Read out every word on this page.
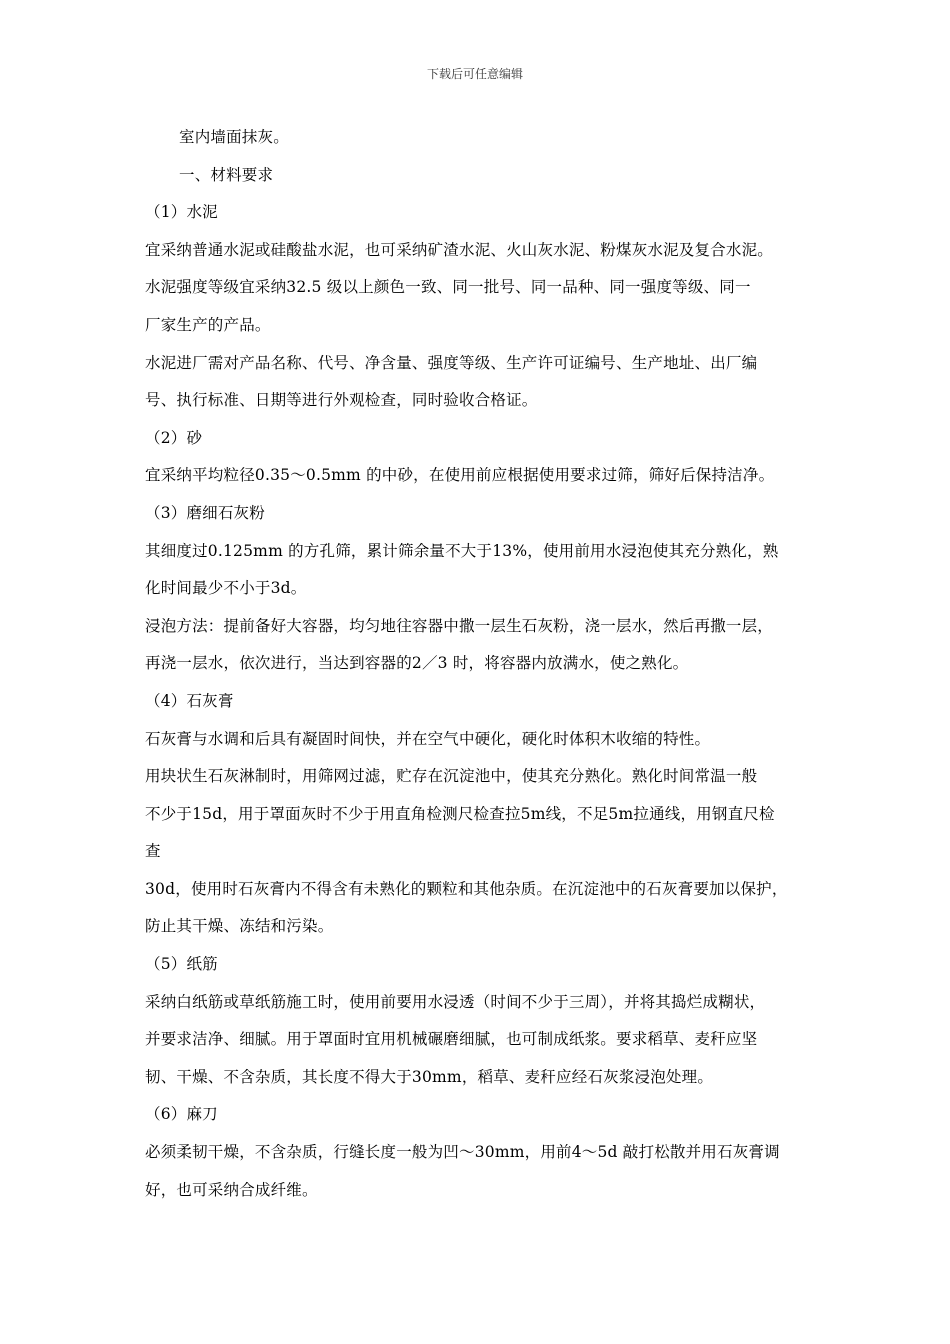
下载后可任意编辑
室内墙面抹灰。
一、材料要求
（1）水泥
宜采纳普通水泥或硅酸盐水泥，也可采纳矿渣水泥、火山灰水泥、粉煤灰水泥及复合水泥。
水泥强度等级宜采纳32.5 级以上颜色一致、同一批号、同一品种、同一强度等级、同一
厂家生产的产品。
水泥进厂需对产品名称、代号、净含量、强度等级、生产许可证编号、生产地址、出厂编
号、执行标准、日期等进行外观检查，同时验收合格证。
（2）砂
宜采纳平均粒径0.35～0.5mm 的中砂，在使用前应根据使用要求过筛，筛好后保持洁净。
（3）磨细石灰粉
其细度过0.125mm 的方孔筛，累计筛余量不大于13%，使用前用水浸泡使其充分熟化，熟
化时间最少不小于3d。
浸泡方法：提前备好大容器，均匀地往容器中撒一层生石灰粉，浇一层水，然后再撒一层，
再浇一层水，依次进行，当达到容器的2／3 时，将容器内放满水，使之熟化。
（4）石灰膏
石灰膏与水调和后具有凝固时间快，并在空气中硬化，硬化时体积木收缩的特性。
用块状生石灰淋制时，用筛网过滤，贮存在沉淀池中，使其充分熟化。熟化时间常温一般
不少于15d，用于罩面灰时不少于用直角检测尺检查拉5m线，不足5m拉通线，用钢直尺检
查
30d，使用时石灰膏内不得含有未熟化的颗粒和其他杂质。在沉淀池中的石灰膏要加以保护，
防止其干燥、冻结和污染。
（5）纸筋
采纳白纸筋或草纸筋施工时，使用前要用水浸透（时间不少于三周），并将其捣烂成糊状，
并要求洁净、细腻。用于罩面时宜用机械碾磨细腻，也可制成纸浆。要求稻草、麦秆应坚
韧、干燥、不含杂质，其长度不得大于30mm，稻草、麦秆应经石灰浆浸泡处理。
（6）麻刀
必须柔韧干燥，不含杂质，行缝长度一般为凹～30mm，用前4～5d 敲打松散并用石灰膏调
好，也可采纳合成纤维。
